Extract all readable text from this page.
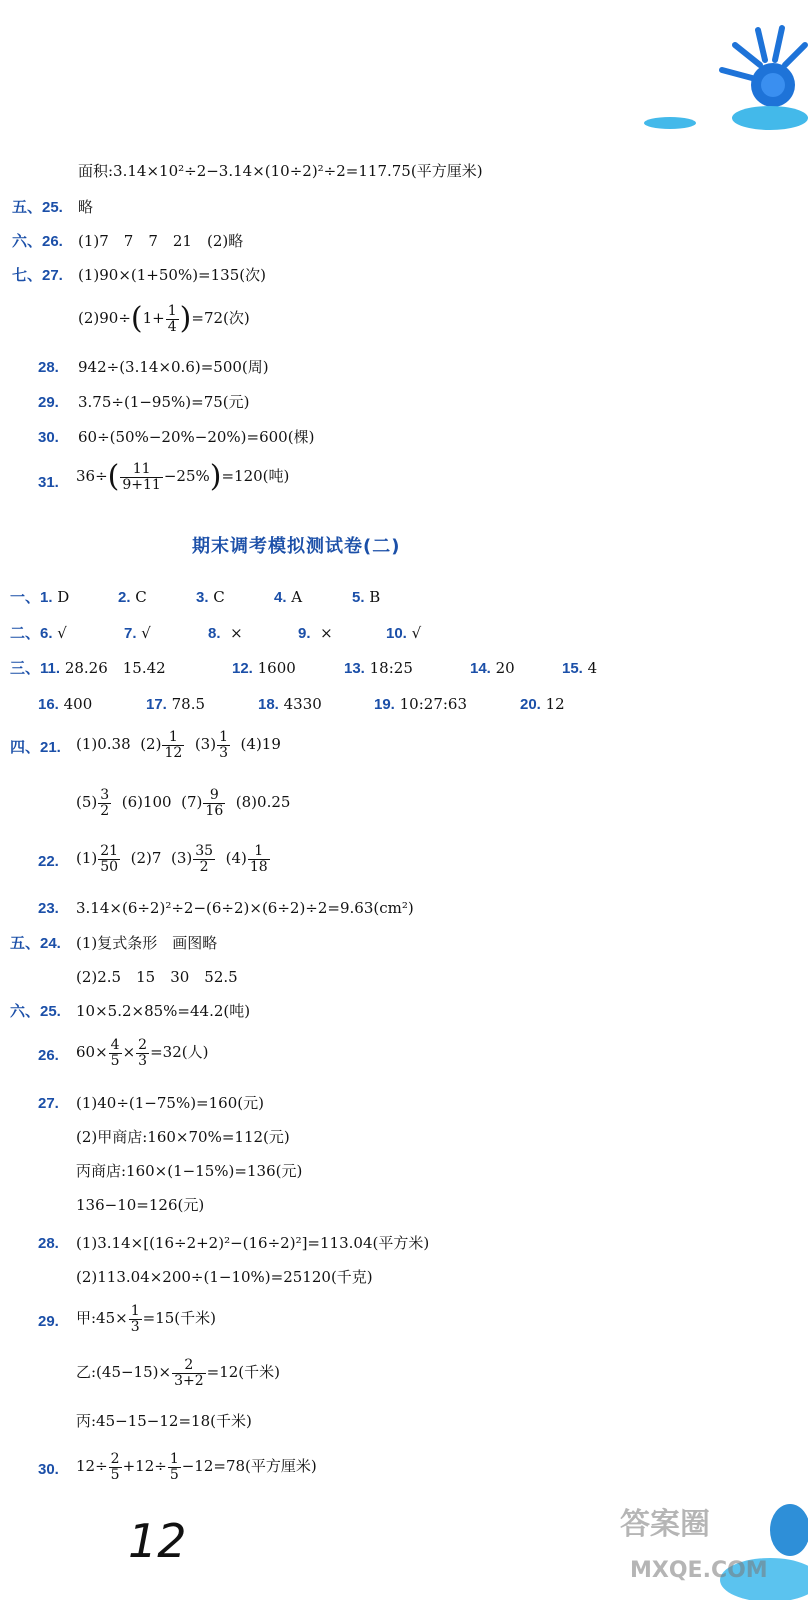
面积:3.14×10²÷2−3.14×(10÷2)²÷2=117.75(平方厘米)
五、25. 略
六、26. (1)7　7　7　21　(2)略
七、27. (1)90×(1+50%)=135(次)
$(2)90\div(1+ \frac{1}{4} )=72$(次)
28. 942÷(3.14×0.6)=500(周)
29. 3.75÷(1−95%)=75(元)
30. 60÷(50%−20%−20%)=600(棵)
31. $36\div( \frac{11}{9+11} -25\%)=120$(吨)
期末调考模拟测试卷(二)
一、1. D	2. C	3. C	4. A	5. B
二、6. √	7. √	8. ×	9. ×	10. √
三、11. 28.26　15.42	12. 1600	13. 18:25	14. 20	15. 4
16. 400	17. 78.5	18. 4330	19. 10:27:63	20. 12
四、21. (1)0.38 $(2) \frac{1}{12} (3) \frac{1}{3} (4)19$
$(5) \frac{3}{2} (6)100$ $(7) \frac{9}{16} (8)0.25$
22. $(1) \frac{21}{50} (2)7$ $(3) \frac{35}{2} (4) \frac{1}{18}$
23. 3.14×(6÷2)²÷2−(6÷2)×(6÷2)÷2=9.63(cm²)
五、24. (1)复式条形　画图略
(2)2.5　15　30　52.5
六、25. 10×5.2×85%=44.2(吨)
26. $60\times \frac{4}{5} \times \frac{2}{3} =32$(人)
27. (1)40÷(1−75%)=160(元)
(2)甲商店:160×70%=112(元)
丙商店:160×(1−15%)=136(元)
136−10=126(元)
28. (1)3.14×[(16÷2+2)²−(16÷2)²]=113.04(平方米)
(2)113.04×200÷(1−10%)=25120(千克)
29. 甲:45× $\frac{1}{3} =15$(千米)
乙:(45−15)× $\frac{2}{3+2} =12$(千米)
丙:45−15−12=18(千米)
30. $12\div \frac{2}{5} +12\div \frac{1}{5} -12=78$(平方厘米)
12	答案圈
MXQE.COM
